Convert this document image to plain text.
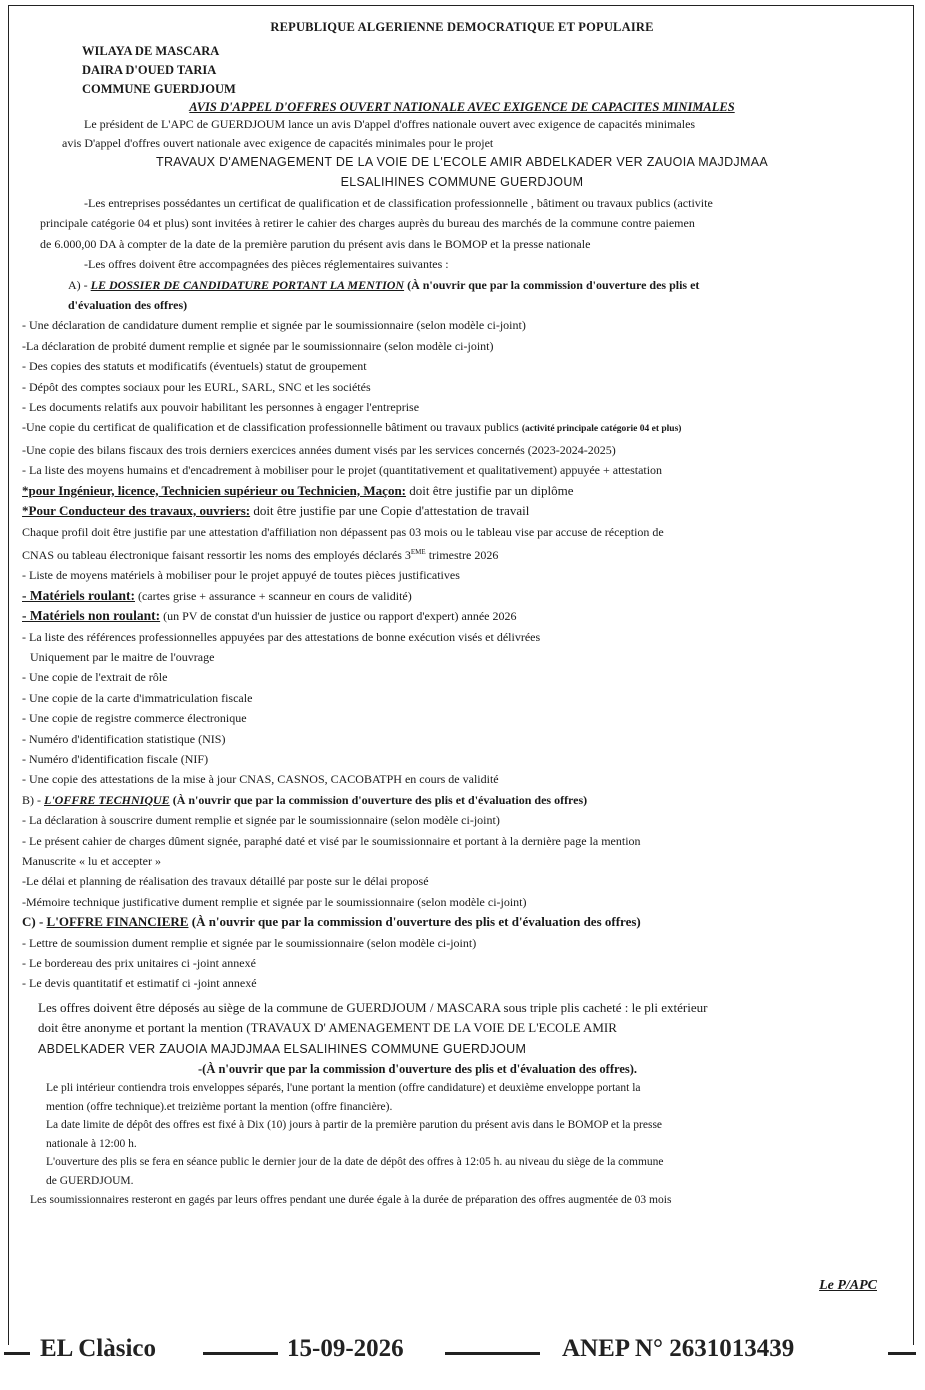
REPUBLIQUE ALGERIENNE DEMOCRATIQUE ET POPULAIRE
WILAYA DE MASCARA
DAIRA D'OUED TARIA
COMMUNE GUERDJOUM
AVIS D'APPEL D'OFFRES OUVERT NATIONALE AVEC EXIGENCE DE CAPACITES MINIMALES
Le président de L'APC de GUERDJOUM lance un avis D'appel d'offres nationale ouvert avec exigence de capacités minimales
avis D'appel d'offres ouvert nationale avec exigence de capacités minimales pour le projet
TRAVAUX D'AMENAGEMENT DE LA VOIE DE L'ECOLE AMIR ABDELKADER VER ZAUOIA MAJDJMAA
ELSALIHINES COMMUNE GUERDJOUM
-Les entreprises possédantes un certificat de qualification et de classification professionnelle , bâtiment ou travaux publics (activite
principale catégorie 04 et plus) sont invitées à retirer le cahier des charges auprès du bureau des marchés de la commune contre paiemen
de 6.000,00 DA à compter de la date de la première parution du présent avis dans le BOMOP et la presse nationale
-Les offres doivent être accompagnées des pièces réglementaires suivantes :
A) - LE DOSSIER DE CANDIDATURE PORTANT LA MENTION (À n'ouvrir que par la commission d'ouverture des plis et
d'évaluation des offres)
- Une déclaration de candidature dument remplie et signée par le soumissionnaire (selon modèle ci-joint)
-La déclaration de probité dument remplie et signée par le soumissionnaire (selon modèle ci-joint)
- Des copies des statuts et modificatifs (éventuels) statut de groupement
- Dépôt des comptes sociaux pour les EURL, SARL, SNC et les sociétés
- Les documents relatifs aux pouvoir habilitant les personnes à engager l'entreprise
-Une copie du certificat de qualification et de classification professionnelle bâtiment ou travaux publics (activité principale catégorie 04 et plus)
-Une copie des bilans fiscaux des trois derniers exercices années dument visés par les services concernés (2023-2024-2025)
- La liste des moyens humains et d'encadrement à mobiliser pour le projet (quantitativement et qualitativement) appuyée + attestation
*pour Ingénieur, licence, Technicien supérieur ou Technicien, Maçon: doit être justifie par un diplôme
*Pour Conducteur des travaux, ouvriers: doit être justifie par une Copie d'attestation de travail
Chaque profil doit être justifie par une attestation d'affiliation non dépassent pas 03 mois ou le tableau vise par accuse de réception de
CNAS ou tableau électronique faisant ressortir les noms des employés déclarés 3EME trimestre 2026
- Liste de moyens matériels à mobiliser pour le projet appuyé de toutes pièces justificatives
- Matériels roulant: (cartes grise + assurance + scanneur en cours de validité)
- Matériels non roulant: (un PV de constat d'un huissier de justice ou rapport d'expert) année 2026
- La liste des références professionnelles appuyées par des attestations de bonne exécution visés et délivrées
Uniquement par le maitre de l'ouvrage
- Une copie de l'extrait de rôle
- Une copie de la carte d'immatriculation fiscale
- Une copie de registre commerce électronique
- Numéro d'identification statistique (NIS)
- Numéro d'identification fiscale (NIF)
- Une copie des attestations de la mise à jour CNAS, CASNOS, CACOBATPH en cours de validité
B) - L'OFFRE TECHNIQUE (À n'ouvrir que par la commission d'ouverture des plis et d'évaluation des offres)
- La déclaration à souscrire dument remplie et signée par le soumissionnaire (selon modèle ci-joint)
- Le présent cahier de charges dûment signée, paraphé daté et visé par le soumissionnaire et portant à la dernière page la mention
Manuscrite « lu et accepter »
-Le délai et planning de réalisation des travaux détaillé par poste sur le délai proposé
-Mémoire technique justificative dument remplie et signée par le soumissionnaire (selon modèle ci-joint)
C) - L'OFFRE FINANCIERE (À n'ouvrir que par la commission d'ouverture des plis et d'évaluation des offres)
- Lettre de soumission dument remplie et signée par le soumissionnaire (selon modèle ci-joint)
- Le bordereau des prix unitaires ci -joint annexé
- Le devis quantitatif et estimatif ci -joint annexé
Les offres doivent être déposés au siège de la commune de GUERDJOUM / MASCARA sous triple plis cacheté : le pli extérieur
doit être anonyme et portant la mention (TRAVAUX D' AMENAGEMENT DE LA VOIE DE L'ECOLE AMIR
ABDELKADER VER ZAUOIA MAJDJMAA ELSALIHINES COMMUNE GUERDJOUM
-(À n'ouvrir que par la commission d'ouverture des plis et d'évaluation des offres).
Le pli intérieur contiendra trois enveloppes séparés, l'une portant la mention (offre candidature) et deuxième enveloppe portant la
mention (offre technique).et treizième portant la mention (offre financière).
La date limite de dépôt des offres est fixé à Dix (10) jours à partir de la première parution du présent avis dans le BOMOP et la presse
nationale à 12:00 h.
L'ouverture des plis se fera en séance public le dernier jour de la date de dépôt des offres à 12:05 h. au niveau du siège de la commune
de GUERDJOUM.
Les soumissionnaires resteront en gagés par leurs offres pendant une durée égale à la durée de préparation des offres augmentée de 03 mois
Le P/APC
EL Clàsico	15-09-2026	ANEP N° 2631013439
